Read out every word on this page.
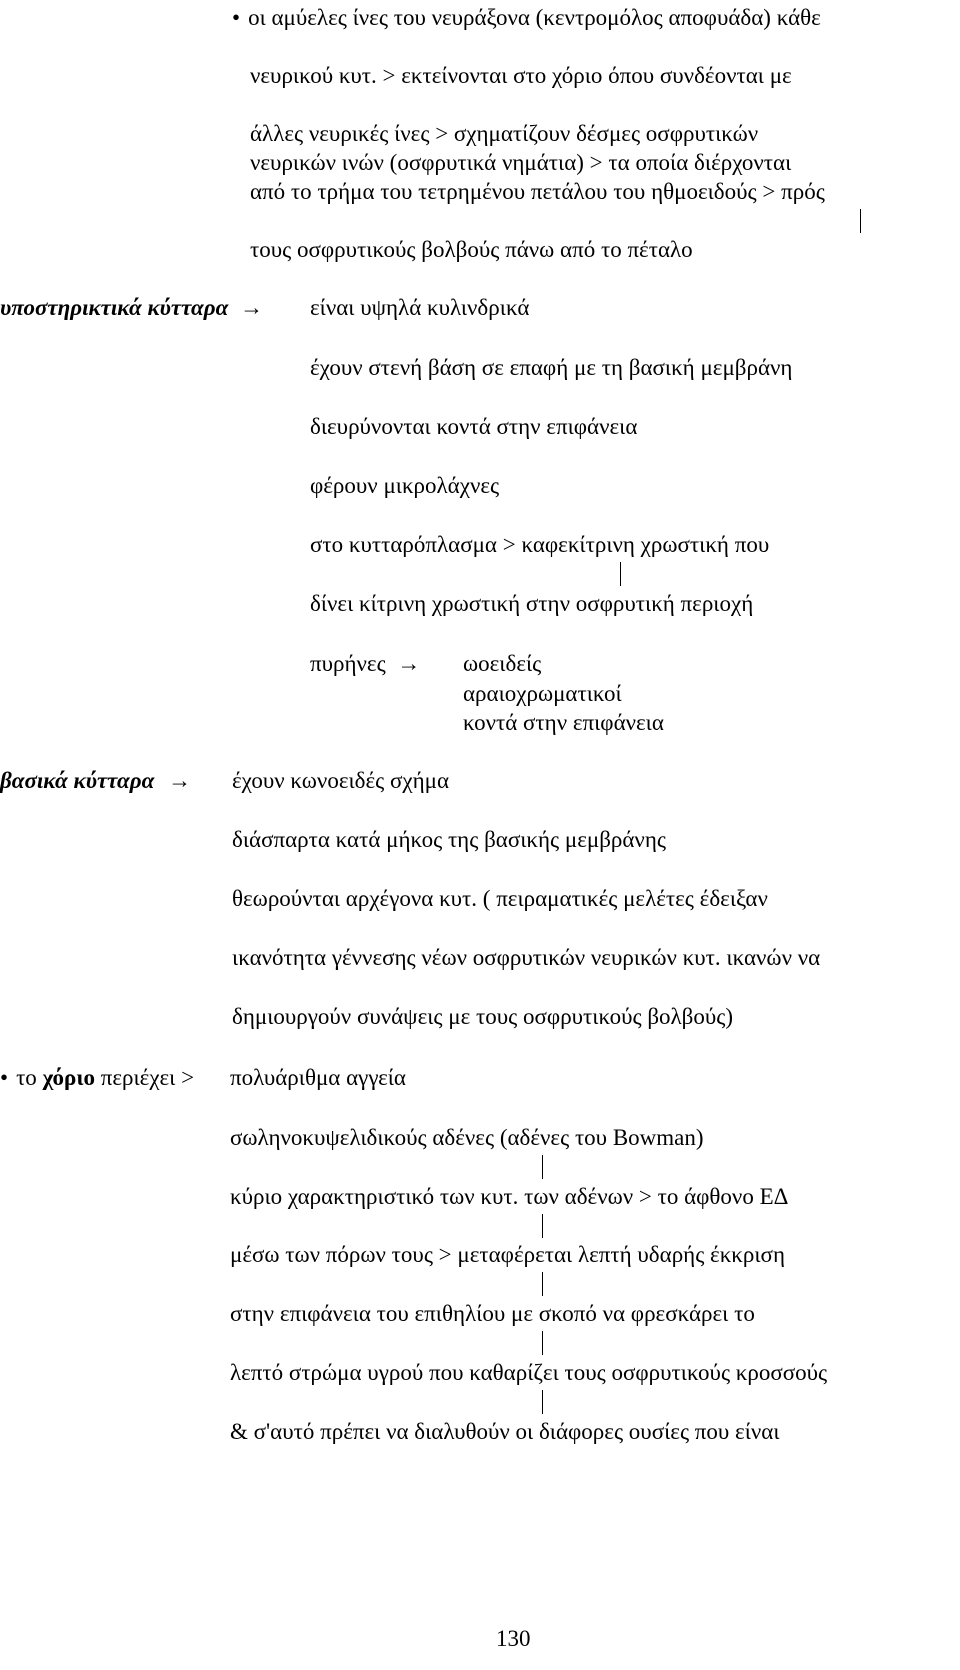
• οι αμύελες ίνες του νευράξονα (κεντρομόλος αποφυάδα) κάθε
νευρικού κυτ. > εκτείνονται στο χόριο όπου συνδέονται με
άλλες νευρικές ίνες > σχηματίζουν δέσμες οσφρυτικών
νευρικών ινών (οσφρυτικά νημάτια) > τα οποία διέρχονται
από το τρήμα του τετρημένου πετάλου του ηθμοειδούς > πρός
τους οσφρυτικούς βολβούς πάνω από το πέταλο
υποστηρικτικά κύτταρα → είναι υψηλά κυλινδρικά
έχουν στενή βάση σε επαφή με τη βασική μεμβράνη
διευρύνονται κοντά στην επιφάνεια
φέρουν μικρολάχνες
στο κυτταρόπλασμα > καφεκίτρινη χρωστική που
δίνει κίτρινη χρωστική στην οσφρυτική περιοχή
πυρήνες → ωοειδείς
αραιοχρωματικοί
κοντά στην επιφάνεια
βασικά κύτταρα → έχουν κωνοειδές σχήμα
διάσπαρτα κατά μήκος της βασικής μεμβράνης
θεωρούνται αρχέγονα κυτ. ( πειραματικές μελέτες έδειξαν
ικανότητα γέννεσης νέων οσφρυτικών νευρικών κυτ. ικανών να
δημιουργούν συνάψεις με τους οσφρυτικούς βολβούς)
• το χόριο περιέχει > πολυάριθμα αγγεία
σωληνοκυψελιδικούς αδένες (αδένες του Bowman)
κύριο χαρακτηριστικό των κυτ. των αδένων > το άφθονο ΕΔ
μέσω των πόρων τους > μεταφέρεται λεπτή υδαρής έκκριση
στην επιφάνεια του επιθηλίου με σκοπό να φρεσκάρει το
λεπτό στρώμα υγρού που καθαρίζει τους οσφρυτικούς κροσσούς
& σ'αυτό πρέπει να διαλυθούν οι διάφορες ουσίες που είναι
130
